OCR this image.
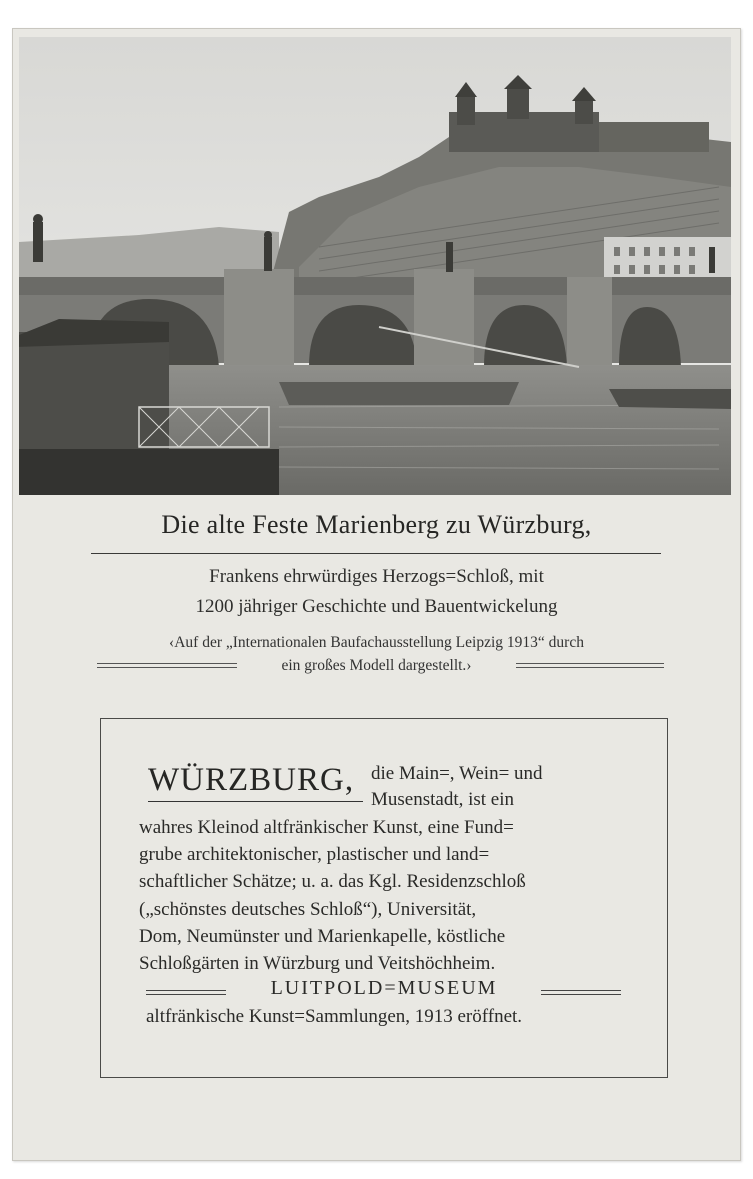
Die alte Feste Marienberg zu Würzburg,
Frankens ehrwürdiges Herzogs=Schloß, mit
1200 jähriger Geschichte und Bauentwickelung
‹Auf der „Internationalen Baufachausstellung Leipzig 1913“ durch
ein großes Modell dargestellt.›
WÜRZBURG, die Main=, Wein= und
Musenstadt, ist ein
wahres Kleinod altfränkischer Kunst, eine Fund=
grube architektonischer, plastischer und land=
schaftlicher Schätze; u. a. das Kgl. Residenzschloß
(„schönstes deutsches Schloß“), Universität,
Dom, Neumünster und Marienkapelle, köstliche
Schloßgärten in Würzburg und Veitshöchheim.
LUITPOLD=MUSEUM
altfränkische Kunst=Sammlungen, 1913 eröffnet.
